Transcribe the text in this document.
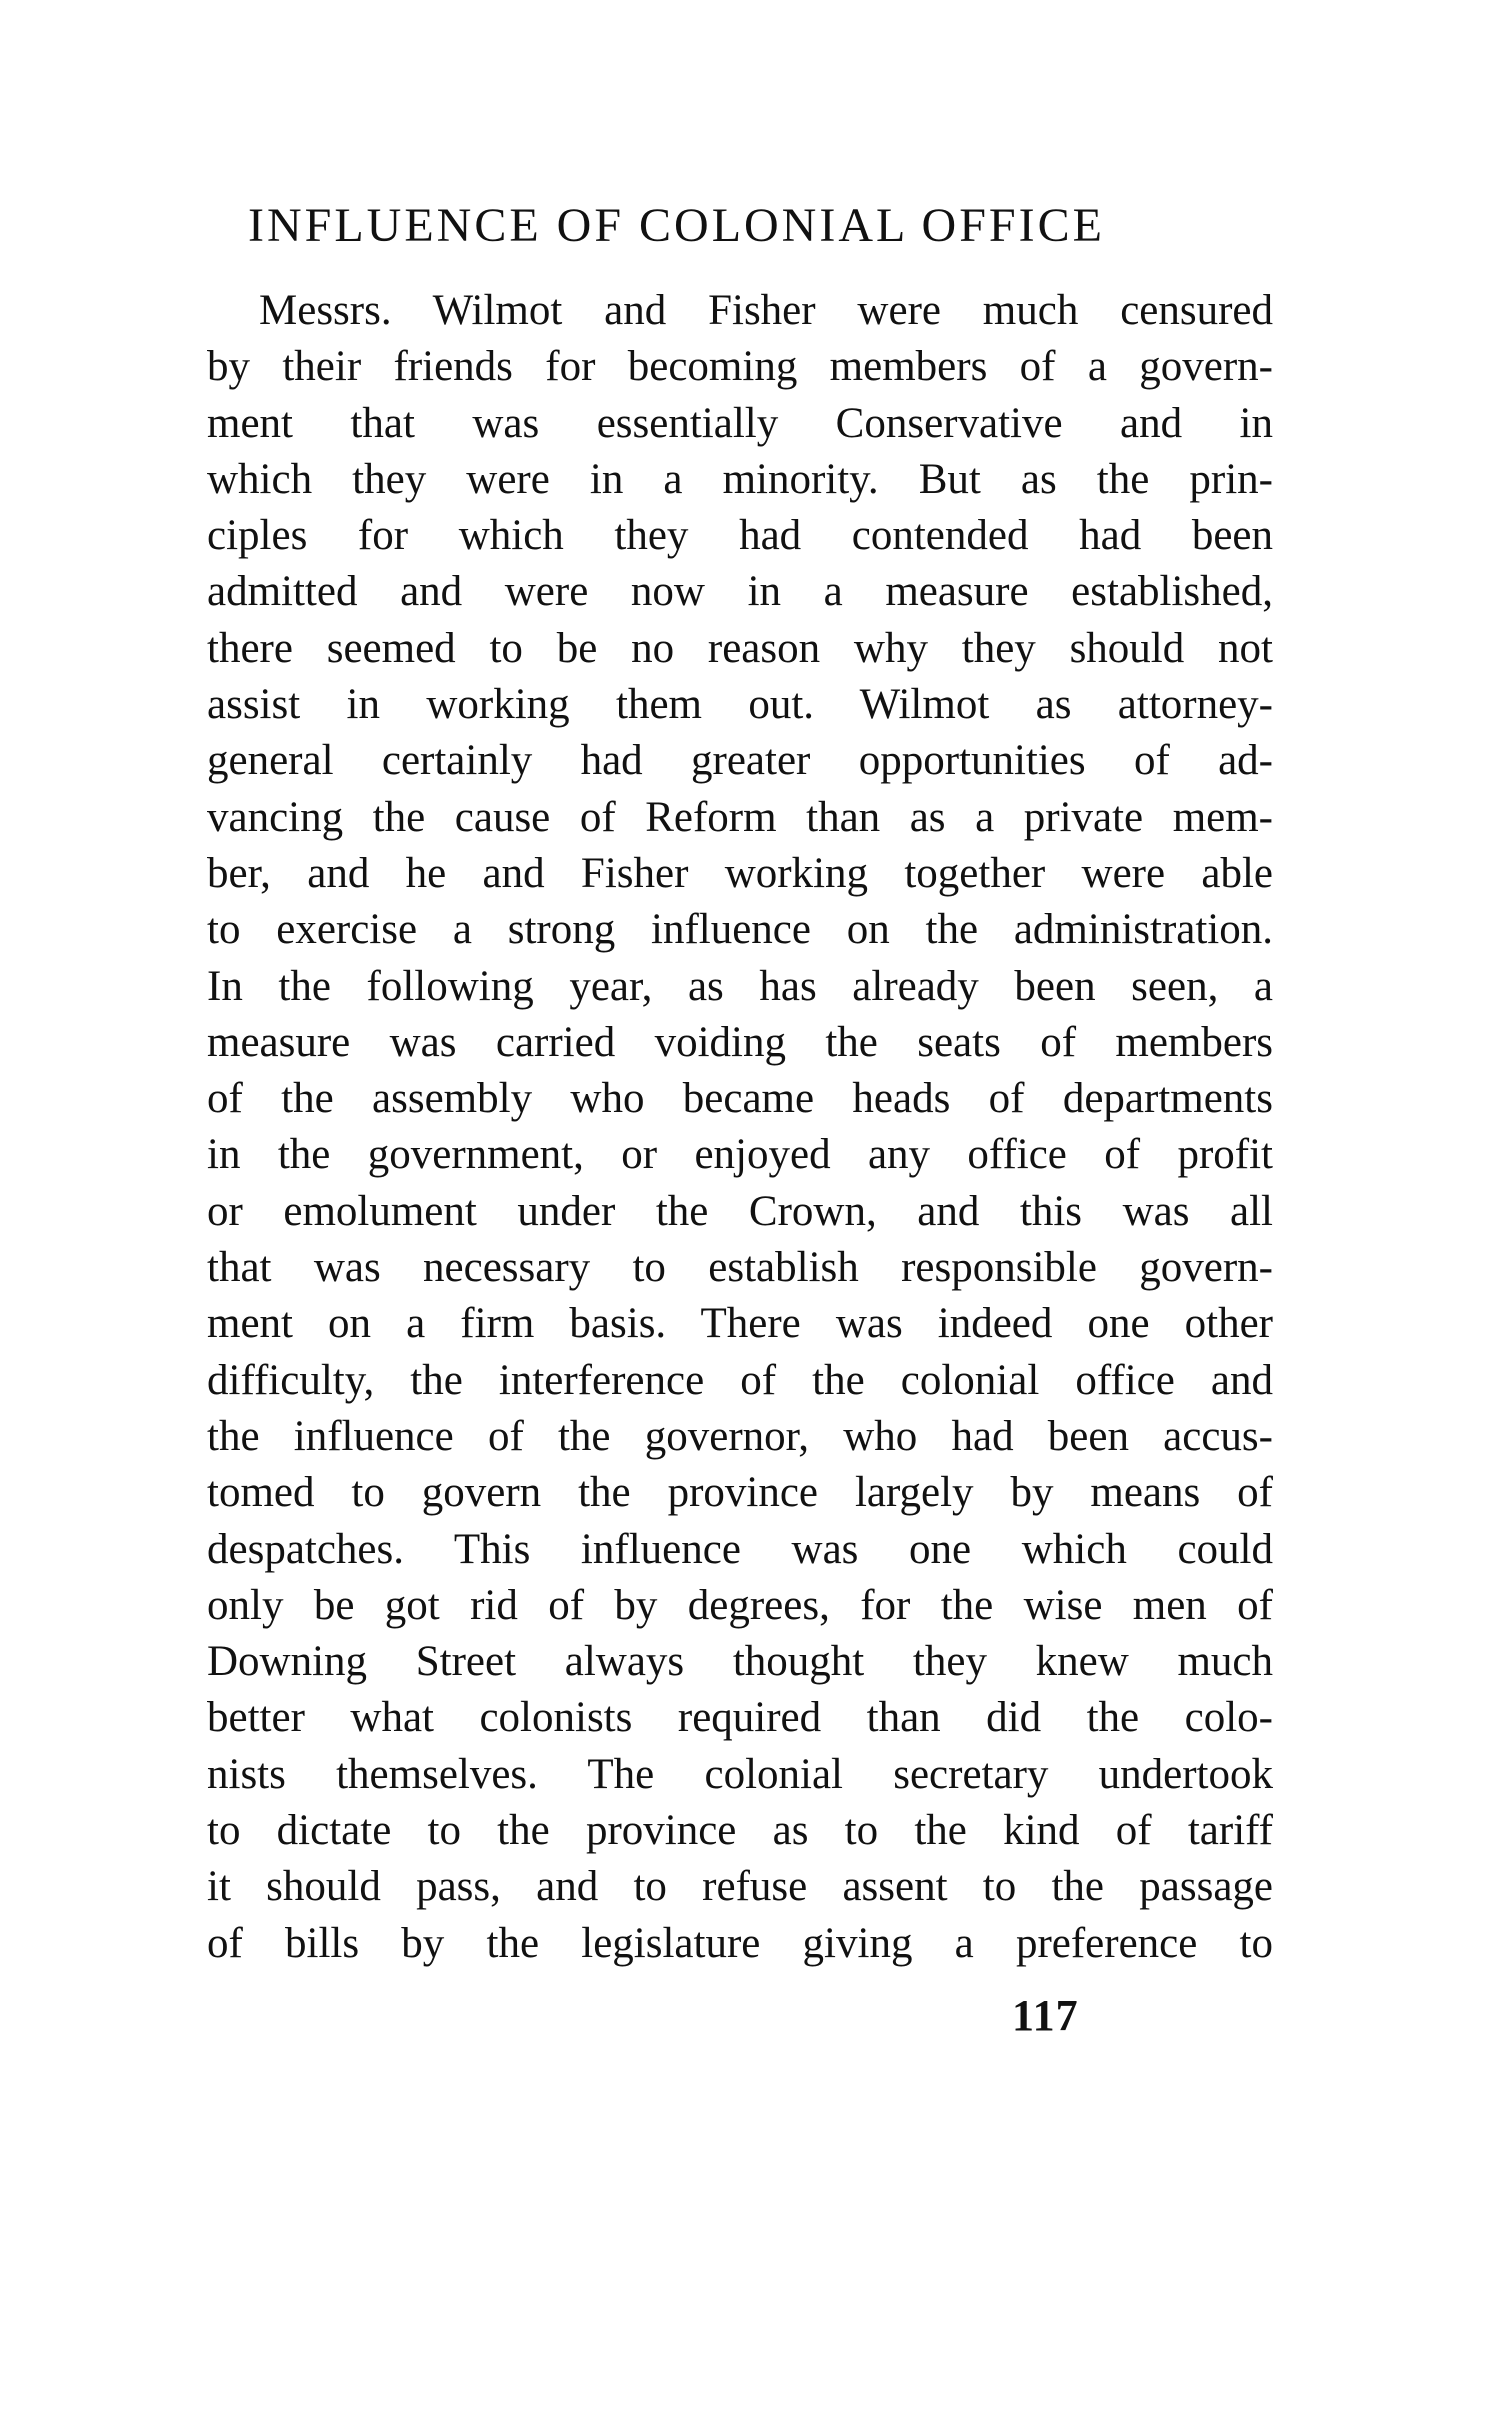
INFLUENCE OF COLONIAL OFFICE
Messrs. Wilmot and Fisher were much censured
by their friends for becoming members of a govern-
ment that was essentially Conservative and in
which they were in a minority. But as the prin-
ciples for which they had contended had been
admitted and were now in a measure established,
there seemed to be no reason why they should not
assist in working them out. Wilmot as attorney-
general certainly had greater opportunities of ad-
vancing the cause of Reform than as a private mem-
ber, and he and Fisher working together were able
to exercise a strong influence on the administration.
In the following year, as has already been seen, a
measure was carried voiding the seats of members
of the assembly who became heads of departments
in the government, or enjoyed any office of profit
or emolument under the Crown, and this was all
that was necessary to establish responsible govern-
ment on a firm basis. There was indeed one other
difficulty, the interference of the colonial office and
the influence of the governor, who had been accus-
tomed to govern the province largely by means of
despatches. This influence was one which could
only be got rid of by degrees, for the wise men of
Downing Street always thought they knew much
better what colonists required than did the colo-
nists themselves. The colonial secretary undertook
to dictate to the province as to the kind of tariff
it should pass, and to refuse assent to the passage
of bills by the legislature giving a preference to
117
